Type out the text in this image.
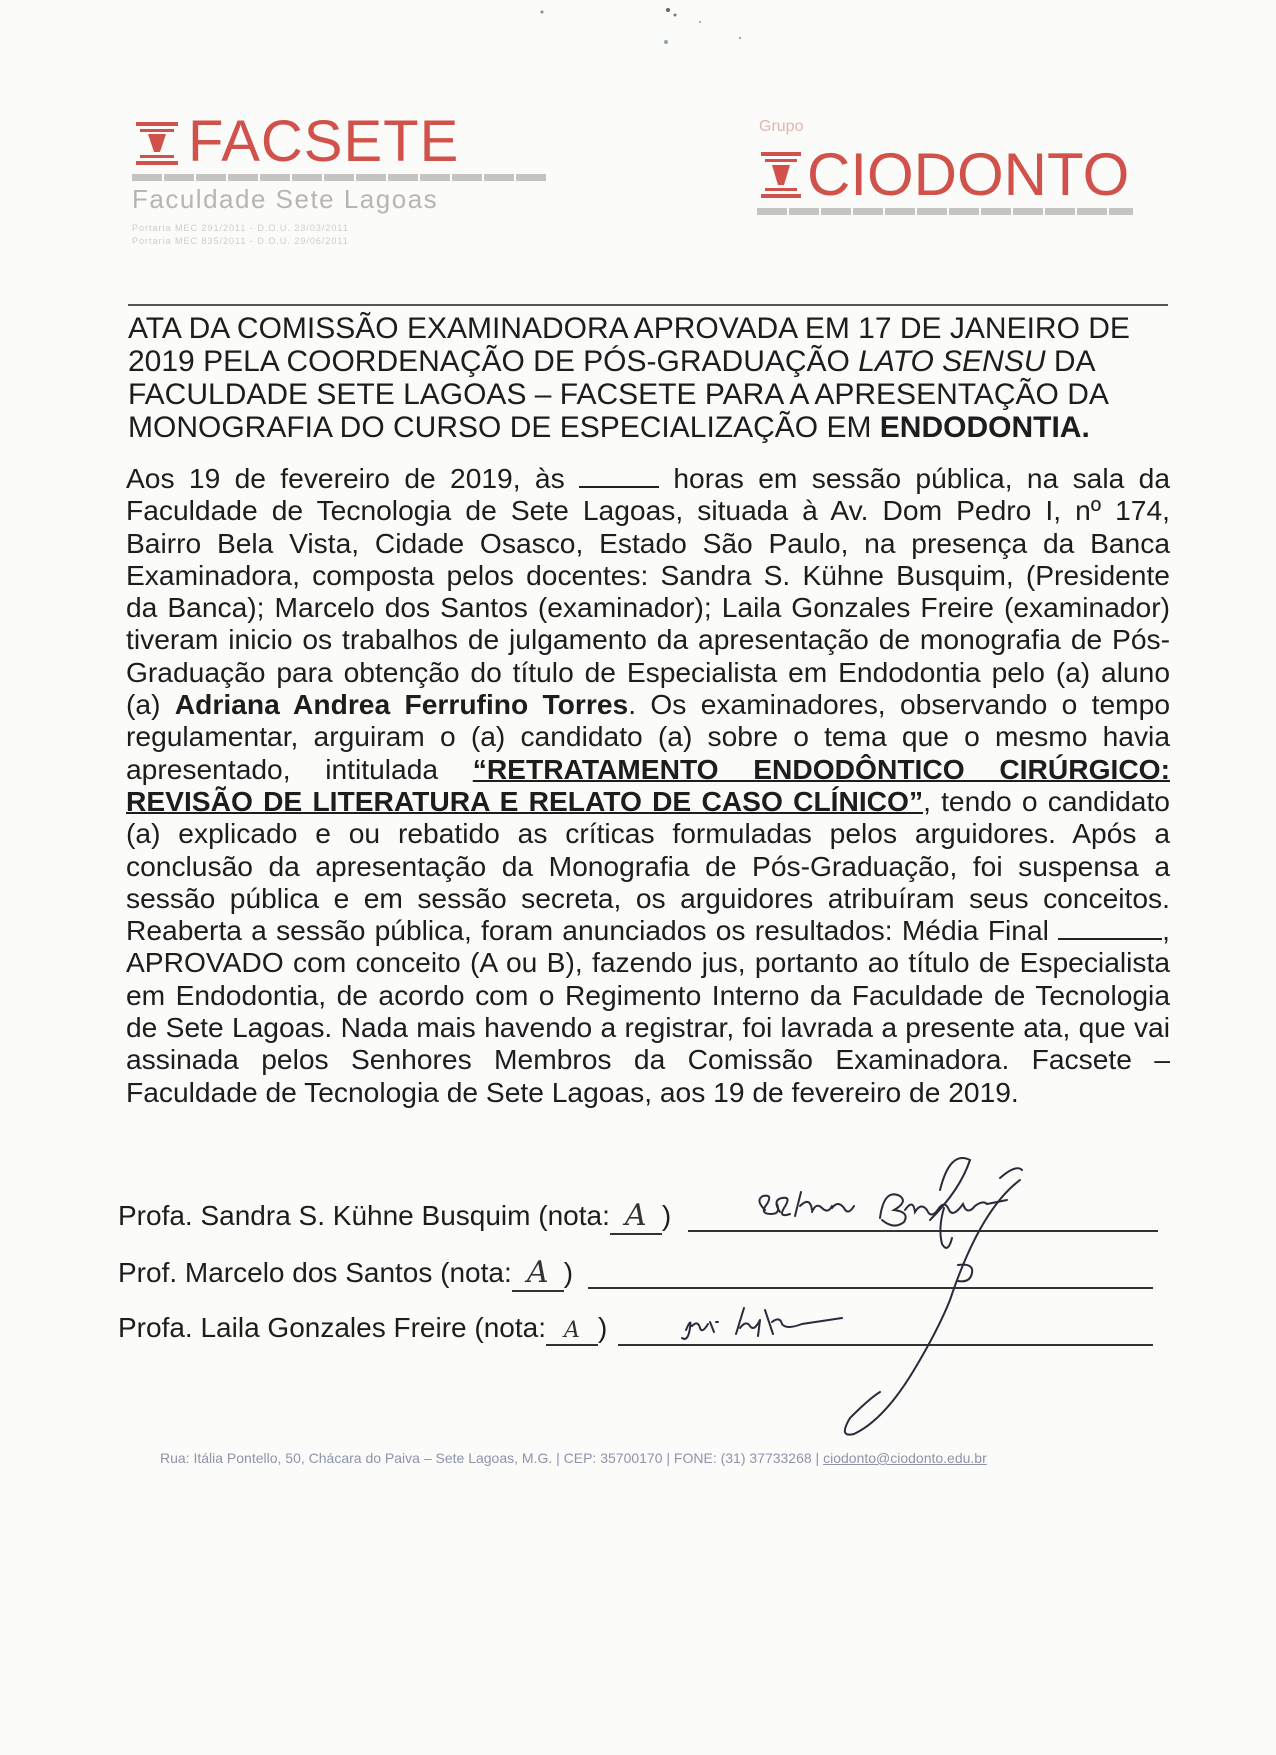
FACSETE
Faculdade Sete Lagoas
Portaria MEC 291/2011 - D.O.U. 23/03/2011
Portaria MEC 835/2011 - D.O.U. 29/06/2011
Grupo
CIODONTO
ATA DA COMISSÃO EXAMINADORA APROVADA EM 17 DE JANEIRO DE 2019 PELA COORDENAÇÃO DE PÓS-GRADUAÇÃO LATO SENSU DA FACULDADE SETE LAGOAS – FACSETE PARA A APRESENTAÇÃO DA MONOGRAFIA DO CURSO DE ESPECIALIZAÇÃO EM ENDODONTIA.

Aos 19 de fevereiro de 2019, às	horas em sessão pública, na sala da Faculdade de Tecnologia de Sete Lagoas, situada à Av. Dom Pedro I, nº 174, Bairro Bela Vista, Cidade Osasco, Estado São Paulo, na presença da Banca Examinadora, composta pelos docentes: Sandra S. Kühne Busquim, (Presidente da Banca); Marcelo dos Santos (examinador); Laila Gonzales Freire (examinador) tiveram inicio os trabalhos de julgamento da apresentação de monografia de Pós-Graduação para obtenção do título de Especialista em Endodontia pelo (a) aluno (a) Adriana Andrea Ferrufino Torres. Os examinadores, observando o tempo regulamentar, arguiram o (a) candidato (a) sobre o tema que o mesmo havia apresentado, intitulada “RETRATAMENTO ENDODÔNTICO CIRÚRGICO: REVISÃO DE LITERATURA E RELATO DE CASO CLÍNICO”, tendo o candidato (a) explicado e ou rebatido as críticas formuladas pelos arguidores. Após a conclusão da apresentação da Monografia de Pós-Graduação, foi suspensa a sessão pública e em sessão secreta, os arguidores atribuíram seus conceitos. Reaberta a sessão pública, foram anunciados os resultados: Média Final	, APROVADO com conceito (A ou B), fazendo jus, portanto ao título de Especialista em Endodontia, de acordo com o Regimento Interno da Faculdade de Tecnologia de Sete Lagoas. Nada mais havendo a registrar, foi lavrada a presente ata, que vai assinada pelos Senhores Membros da Comissão Examinadora. Facsete – Faculdade de Tecnologia de Sete Lagoas, aos 19 de fevereiro de 2019.

Profa. Sandra S. Kühne Busquim (nota: A )
Prof. Marcelo dos Santos (nota: A )
Profa. Laila Gonzales Freire (nota: A )
Rua: Itália Pontello, 50, Chácara do Paiva – Sete Lagoas, M.G. | CEP: 35700170 | FONE: (31) 37733268 | ciodonto@ciodonto.edu.br
